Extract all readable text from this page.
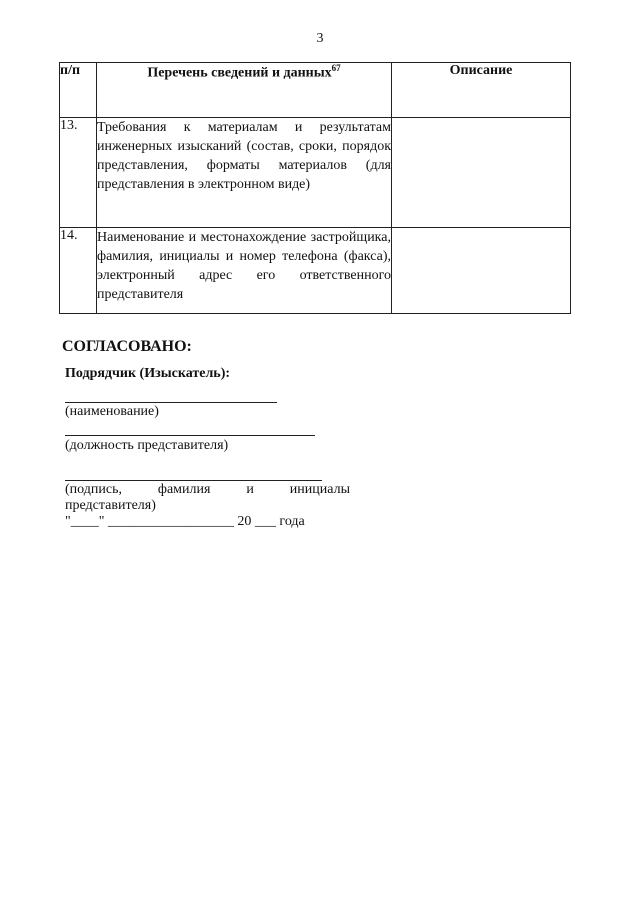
3
п/п	Перечень сведений и данных$^{67}$	Описание
13.	Требования к материалам и результатам инженерных изысканий (состав, сроки, порядок представления, форматы материалов (для представления в электронном виде)	
14.	Наименование и местонахождение застройщика, фамилия, инициалы и номер телефона (факса), электронный адрес его ответственного представителя	
СОГЛАСОВАНО:
Подрядчик (Изыскатель):
(наименование)
(должность представителя)
(подпись, фамилия и инициалы
представителя)
"____" __________________ 20 ___ года
